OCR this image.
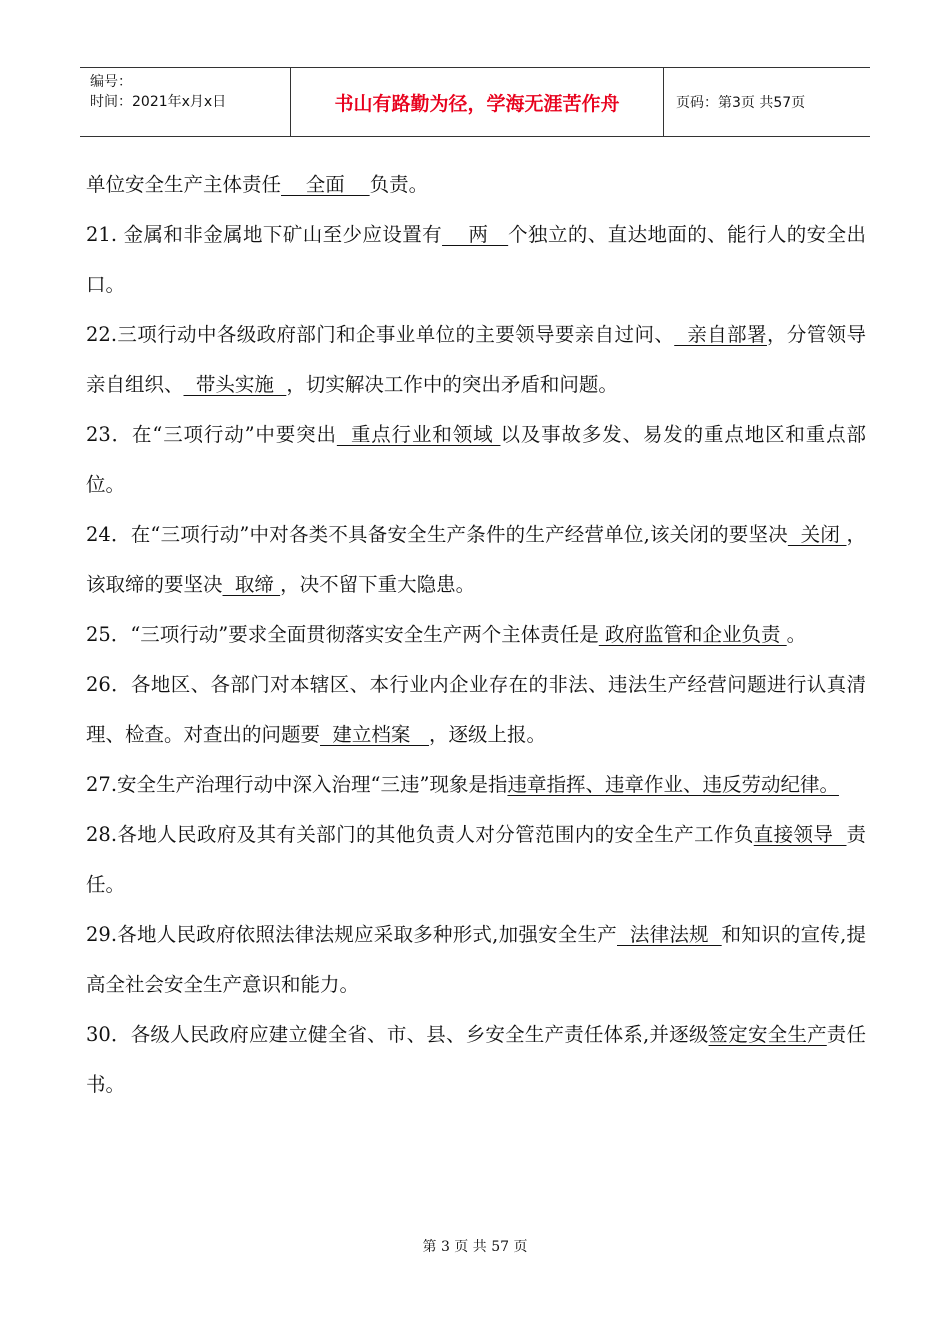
编号：
时间：2021年x月x日	书山有路勤为径，学海无涯苦作舟	页码：第3页 共57页

单位安全生产主体责任    全面    负责。

21. 金属和非金属地下矿山至少应设置有    两   个独立的、直达地面的、能行人的安全出口。

22.三项行动中各级政府部门和企事业单位的主要领导要亲自过问、  亲自部署，分管领导亲自组织、  带头实施  ，切实解决工作中的突出矛盾和问题。

23．在“三项行动”中要突出  重点行业和领域 以及事故多发、易发的重点地区和重点部位。

24．在“三项行动”中对各类不具备安全生产条件的生产经营单位,该关闭的要坚决  关闭 ，该取缔的要坚决  取缔 ，决不留下重大隐患。

25．“三项行动”要求全面贯彻落实安全生产两个主体责任是 政府监管和企业负责 。

26．各地区、各部门对本辖区、本行业内企业存在的非法、违法生产经营问题进行认真清理、检查。对查出的问题要  建立档案   ，逐级上报。

27.安全生产治理行动中深入治理“三违”现象是指违章指挥、违章作业、违反劳动纪律。

28.各地人民政府及其有关部门的其他负责人对分管范围内的安全生产工作负直接领导  责任。

29.各地人民政府依照法律法规应采取多种形式,加强安全生产  法律法规  和知识的宣传,提高全社会安全生产意识和能力。

30．各级人民政府应建立健全省、市、县、乡安全生产责任体系,并逐级签定安全生产责任书。

第 3 页 共 57 页
